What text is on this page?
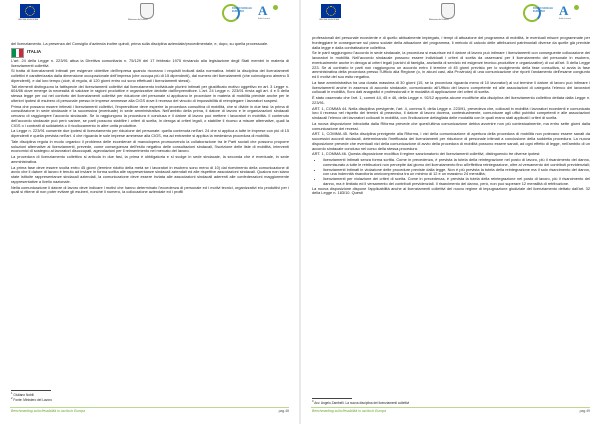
UNIONE EUROPEA	Ministero del Lavoro
FONDO SOCIALE EUROPEO	A
Italia Lavoro

del licenziamento. La presenza del Consiglio d'azienda inoltre quindi, prima sulla disciplina aziendale/procedimentale, e, dopo, su quella processuale.

ITALIA

L'art. 24 della Legge n. 223/91 attua la Direttiva comunitaria n. 75/129 del 17 febbraio 1975 rinviando alla legislazione degli Stati membri in materia di licenziamenti collettivi.

Si tratta di licenziamenti intimati per esigenze obiettive dell'impresa quando ricorrano i requisiti indicati dalla normativa. Infatti la disciplina dei licenziamenti collettivi è caratterizzata dalla dimensione occupazionale dell'impresa (che occupa più di 15 dipendenti), dal numero dei licenziamenti (che coinvolgono almeno 5 dipendenti), e dal loro tempo (cioè, di regola, di 120 giorni entro cui sono effettuati i licenziamenti stessi).

Tali elementi distinguono la fattispecie dei licenziamenti collettivi dal licenziamento individuale plurimi intimati per giustificato motivo oggettivo ex art. 3 Legge n. 604/66 dove emerge la necessità di valutare le ragioni produttive e organizzative dedotte dall'imprenditore. L'art. 24 Legge n. 223/91 rinvia agli art. 4 e 5 della stessa legge per cui nel conforto dei licenziamenti collettivi per riduzione del personale si applicano le procedure in materia di mobilità previste anche per le ulteriori ipotesi di esubero di personale presso le imprese ammesse alla CIGS dove il recesso del vincolo di impossibilità di reimpiegare i lavoratori sospesi.

Prima che possano essere intimati i licenziamenti collettivi, l'imprenditore deve esperire la procedura consultiva di mobilità, che si divide in due fasi: la prima di consultazione in sede sindacale e la successiva (eventuale) in sede amministrativa. Nell'ambito della prima, il datore di lavoro e le organizzazioni sindacali cercano di raggiungere l'accordo sindacale. Se lo raggiungono la procedura è conclusa e il datore di lavoro può mettere i lavoratori in mobilità. Il contenuto dell'accordo sindacale può però variare, se parti possono stabilire i criteri di scelta, in deroga ai criteri legali, o stabilire il ricorso a misure alternative, quali la CIGS o i contratti di solidarietà o il ricollocamento in altre unità produttive.

La Legge n. 223/91 consente due ipotesi di licenziamento per riduzione del personale: quella contenuta nell'art. 24 che si applica a tutte le imprese con più di 15 dipendenti e quella prevista nell'art. 4 che riguarda le sole imprese ammesse alla CIGS, ma ad entrambe si applica la medesima procedura di mobilità.

Tale disciplina regola in modo organico il problema delle eccedenze di manodopera promuovendo la collaborazione tra le Parti sociali che possono proporre soluzioni alternative ai licenziamenti, prevede, come conseguenza dell'esito negativo delle consultazioni sindacali, l'iscrizione delle liste di mobilità, interventi economici di sostegno ai lavoratori disoccupati, agevolazioni per il reinserimento nel mercato del lavoro.

La procedura di licenziamento collettivo si articola in due fasi, la prima è obbligatoria e si svolge in sede sindacale, la seconda che è eventuale, in sede amministrativa.

La prima fase deve essere svolta entro 45 giorni (termine ridotto della metà se i lavoratori in esubero sono meno di 10) dal ricevimento della comunicazione di avvio che il datore di lavoro è tenuto ad inviare in forma scritta alle rappresentanze sindacali aziendali ed alle rispettive associazioni sindacali. Qualora non siano state istituite rappresentanze sindacali aziendali, la comunicazione deve essere inviata alle associazioni sindacali aderenti alle confederazioni maggiormente rappresentative a livello nazionale.

Nella comunicazione il datore di lavoro deve indicare i motivi che hanno determinato l'eccedenza di personale ed i motivi tecnici, organizzativi e/o produttivi per i quali si ritiene di non poter evitare gli esuberi, nonché il numero, la collocazione aziendale ed i profili

$^1$ Giuliano Nobili
$^2$ Fonte: Ministero del Lavoro
Benchmarking sulla flessibilità in uscita in Europa	pag.48
UNIONE EUROPEA	Ministero del Lavoro
FONDO SOCIALE EUROPEO	A
Italia Lavoro

professionali del personale eccedente e di quello abitualmente impiegato, i tempi di attuazione del programma di mobilità, le eventuali misure programmate per fronteggiare le conseguenze sul piano sociale della attuazione del programma, il metodo di calcolo delle attribuzioni patrimoniali diverse da quelle già previste dalla legge e dalla contrattazione collettiva.

Se le parti raggiungono l'accordo in sede sindacale, la procedura si esaurisce ed il datore di lavoro può intimare i licenziamenti con conseguente collocazione dei lavoratori in mobilità. Nell'accordo sindacale possono essere individuati i criteri di scelta da osservarsi per il licenziamento del personale in esubero, eventualmente anche in deroga ai criteri legali (carichi di famiglia, anzianità di servizio ed esigenze tecnico-produttive e organizzative) di cui all'art. 5 della Legge 223. Se al contrario le parti non raggiungono un accordo entro il termine di 45 giorni previsto per lo svolgimento della fase consultiva, si avvia la fase amministrativa della procedura presso l'Ufficio alla Regione (o, in alcuni casi, alla Provincia) di una comunicazione che riporti l'andamento dell'esame congiunto ed il motivi del suo esito negativo.

La fase amministrativa ha una durata massima di 30 giorni (15, se la procedura riguarda meno di 10 lavoratori) al cui termine il datore di lavoro può intimare i licenziamenti anche in assenza di accordo sindacale, comunicando all'Ufficio del lavoro competente ed alle associazioni di categoria l'elenco dei lavoratori collocati in mobilità, l'loro dati anagrafici e professionali e le modalità di applicazione dei criteri di scelta.

È stato osservato che l'art. 1, commi 44, 45 e 46, della Legge n. 92/12 apporta alcune modifiche alla disciplina del licenziamento collettivo dettata dalla Legge n. 223/91.

ART. 1, COMMA 44. Nella disciplina previgente, l'art. 4, comma 9, della Legge n. 223/91, prevedeva che, collocati in mobilità i lavoratori eccedenti e comunicato loro il recesso nel rispetto dei termini di preavviso, il datore di lavoro doveva, contestualmente, comunicare agli uffici pubblici competenti e alle associazioni sindacali l'elenco dei lavoratori collocati in mobilità, con l'indicazione dettagliata delle modalità con le quali erano stati applicati i criteri di scelta.

La nuova disposizione introdotta dalla Riforma prevede che quest'ultima comunicazione debba avvenire non più contestualmente, ma entro sette giorni dalla comunicazione dei recessi.

ART. 1, COMMA 45. Nella disciplina previgente alla Riforma, i vizi della comunicazione di apertura della procedura di mobilità non potevano essere sanati da successivi accordi sindacali, determinando l'inefficacia dei licenziamenti per riduzione di personale intimati a conclusione della suddetta procedura. La nuova disposizione prevede che eventuali vizi della comunicazione di avvio della procedura di mobilità possono essere sanati, ad ogni effetto di legge, nell'ambito di un accordo sindacale concluso nel corso della stessa procedura.

ART. 1, COMMA 46. Questa disposizione modifica il regime sanzionatorio dei licenziamenti collettivi, distinguendo tre diverse ipotesi:

• licenziamenti intimati senza forma scritta. Come in precedenza, è prevista la tutela della reintegrazione nel posto di lavoro, più il risarcimento del danno, commisurato a tutte le retribuzioni non percepite dal giorno del licenziamento fino all'effettiva reintegrazione, oltre al versamento dei contributi previdenziali;
• licenziamenti intimati in violazione delle procedure previste dalla legge. Non è più prevista la tutela della reintegrazione ma il solo risarcimento del danno, con una indennità risarcitoria onnicomprensiva tra un minimo di 12 e un massimo 24 mensilità;
• licenziamenti per violazione dei criteri di scelta. Come in precedenza, è prevista la tutela della reintegrazione nel posto di lavoro, più il risarcimento del danno, ma è limitato ed il versamento dei contributi previdenziali. Il risarcimento del danno, però, non può superare 12 mensilità di retribuzione.

La nuova disposizione dispone l'applicabilità anche ai licenziamenti collettivi del nuovo regime di impugnazione giudiziale del licenziamento dettato dall'art. 32 della Legge n. 183/10. Questi

$^3$ Avv. Angelo Zambelli. La nuova disciplina dei licenziamenti collettivi
Benchmarking sulla flessibilità in uscita in Europa	pag.49
